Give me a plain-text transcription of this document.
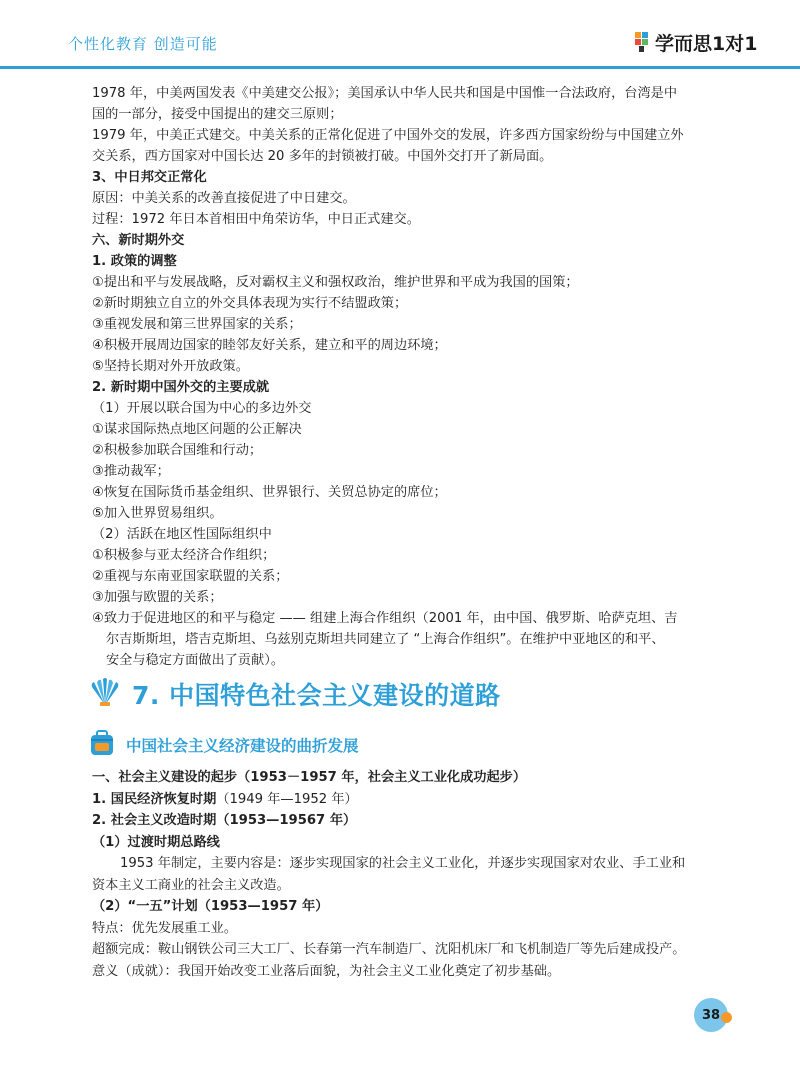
个性化教育 创造可能	学而思1对1
1978 年，中美两国发表《中美建交公报》；美国承认中华人民共和国是中国惟一合法政府，台湾是中
国的一部分，接受中国提出的建交三原则；
1979 年，中美正式建交。中美关系的正常化促进了中国外交的发展，许多西方国家纷纷与中国建立外
交关系，西方国家对中国长达 20 多年的封锁被打破。中国外交打开了新局面。
3、中日邦交正常化
原因：中美关系的改善直接促进了中日建交。
过程：1972 年日本首相田中角荣访华，中日正式建交。
六、新时期外交
1. 政策的调整
①提出和平与发展战略，反对霸权主义和强权政治，维护世界和平成为我国的国策；
②新时期独立自立的外交具体表现为实行不结盟政策；
③重视发展和第三世界国家的关系；
④积极开展周边国家的睦邻友好关系，建立和平的周边环境；
⑤坚持长期对外开放政策。
2. 新时期中国外交的主要成就
（1）开展以联合国为中心的多边外交
①谋求国际热点地区问题的公正解决
②积极参加联合国维和行动；
③推动裁军；
④恢复在国际货币基金组织、世界银行、关贸总协定的席位；
⑤加入世界贸易组织。
（2）活跃在地区性国际组织中
①积极参与亚太经济合作组织；
②重视与东南亚国家联盟的关系；
③加强与欧盟的关系；
④致力于促进地区的和平与稳定 —— 组建上海合作组织（2001 年，由中国、俄罗斯、哈萨克坦、吉
尔吉斯斯坦，塔吉克斯坦、乌兹别克斯坦共同建立了 “上海合作组织”。在维护中亚地区的和平、
安全与稳定方面做出了贡献）。
7. 中国特色社会主义建设的道路
中国社会主义经济建设的曲折发展
一、社会主义建设的起步（1953－1957 年，社会主义工业化成功起步）
1. 国民经济恢复时期（1949 年—1952 年）
2. 社会主义改造时期（1953—19567 年）
（1）过渡时期总路线
1953 年制定，主要内容是：逐步实现国家的社会主义工业化，并逐步实现国家对农业、手工业和
资本主义工商业的社会主义改造。
（2）“一五”计划（1953—1957 年）
特点：优先发展重工业。
超额完成：鞍山钢铁公司三大工厂、长春第一汽车制造厂、沈阳机床厂和飞机制造厂等先后建成投产。
意义（成就）：我国开始改变工业落后面貌，为社会主义工业化奠定了初步基础。
38
